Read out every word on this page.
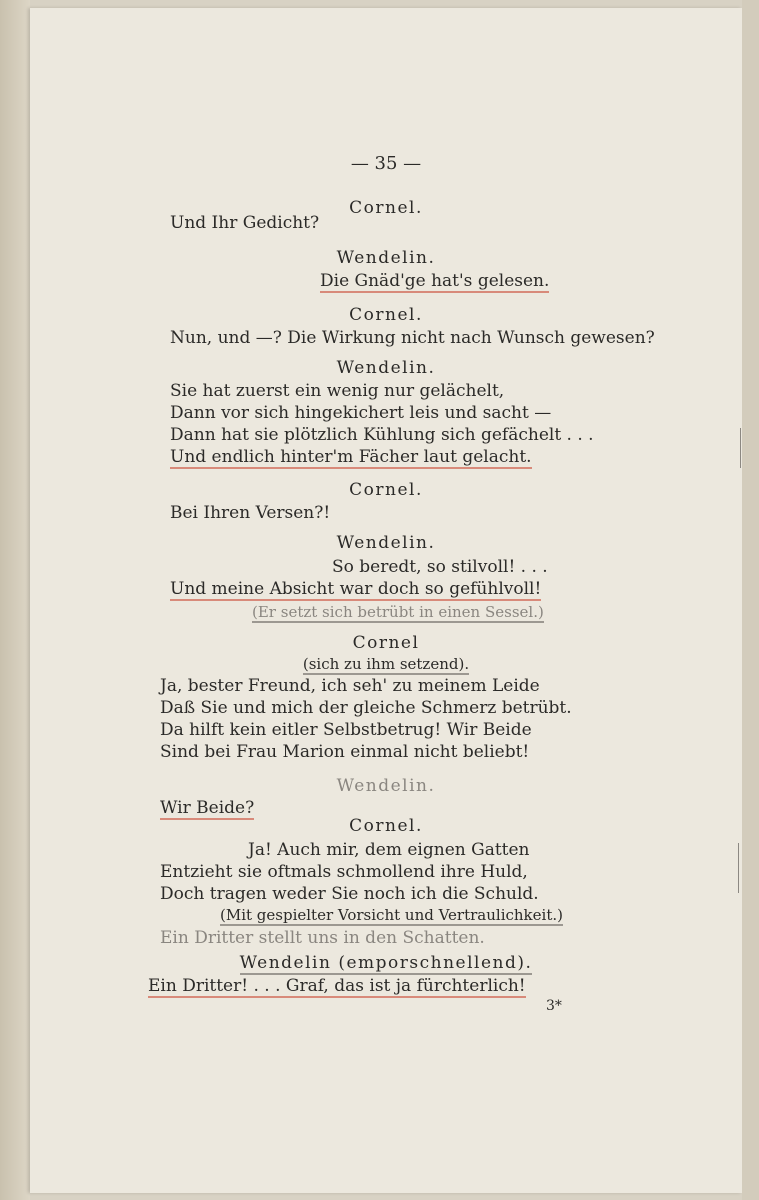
— 35 —
Cornel.
Und Ihr Gedicht?
Wendelin.
Die Gnäd'ge hat's gelesen.
Cornel.
Nun, und —? Die Wirkung nicht nach Wunsch gewesen?
Wendelin.
Sie hat zuerst ein wenig nur gelächelt,
Dann vor sich hingekichert leis und sacht —
Dann hat sie plötzlich Kühlung sich gefächelt . . .
Und endlich hinter'm Fächer laut gelacht.
Cornel.
Bei Ihren Versen?!
Wendelin.
So beredt, so stilvoll! . . .
Und meine Absicht war doch so gefühlvoll!
(Er setzt sich betrübt in einen Sessel.)
Cornel
(sich zu ihm setzend).
Ja, bester Freund, ich seh' zu meinem Leide
Daß Sie und mich der gleiche Schmerz betrübt.
Da hilft kein eitler Selbstbetrug! Wir Beide
Sind bei Frau Marion einmal nicht beliebt!
Wendelin.
Wir Beide?
Cornel.
Ja! Auch mir, dem eignen Gatten
Entzieht sie oftmals schmollend ihre Huld,
Doch tragen weder Sie noch ich die Schuld.
(Mit gespielter Vorsicht und Vertraulichkeit.)
Ein Dritter stellt uns in den Schatten.
Wendelin (emporschnellend).
Ein Dritter! . . . Graf, das ist ja fürchterlich!
3*
